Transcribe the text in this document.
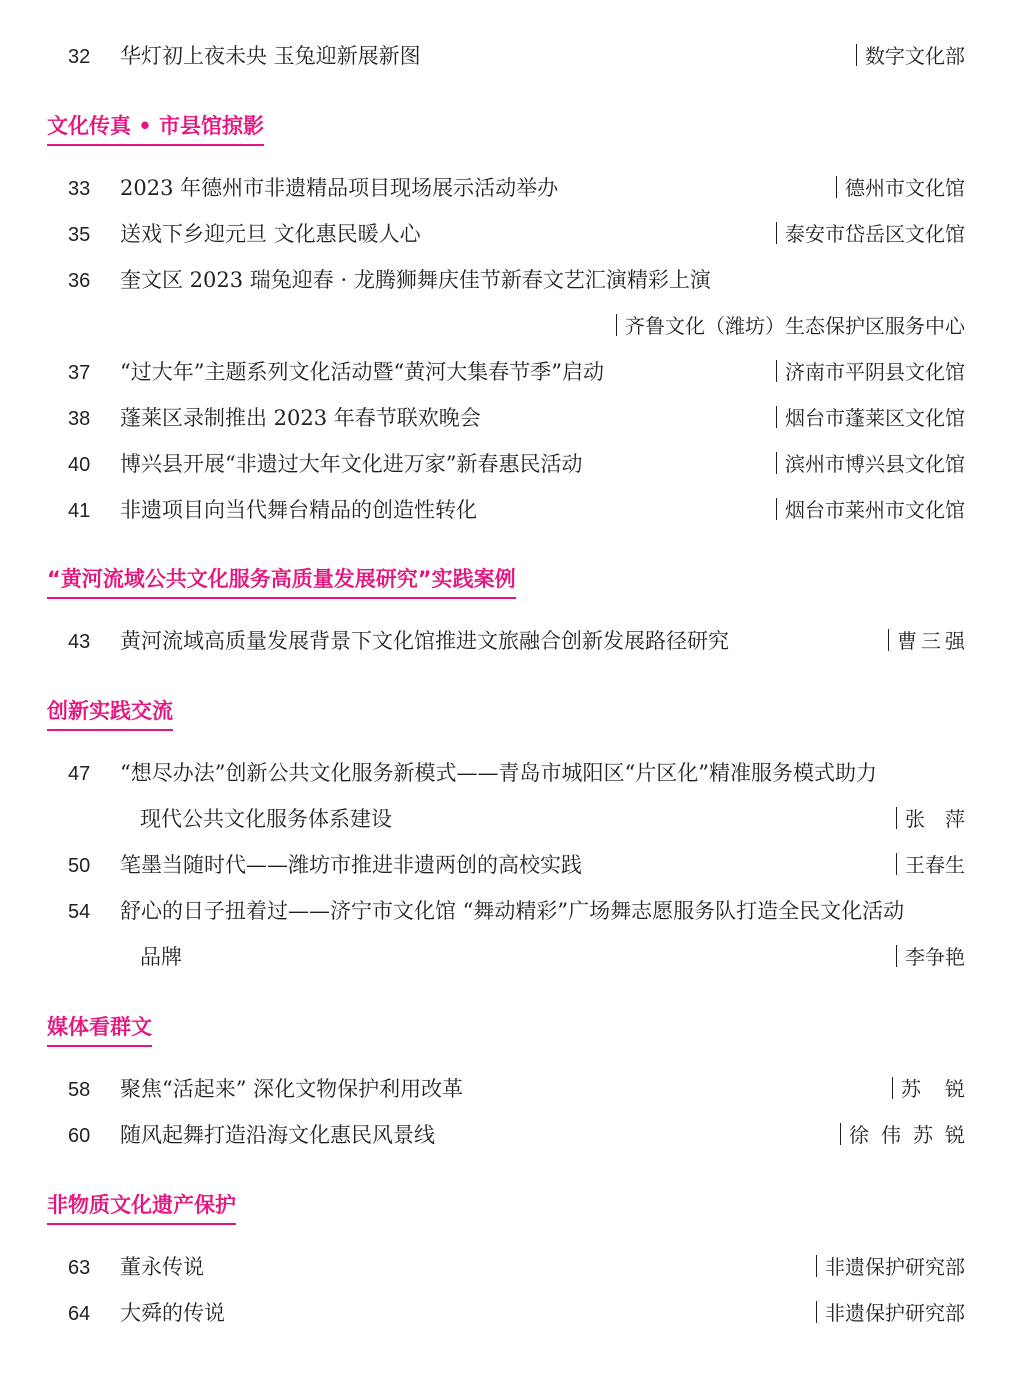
32 华灯初上夜未央 玉兔迎新展新图	数字文化部
文化传真 • 市县馆掠影
33 2023 年德州市非遗精品项目现场展示活动举办	德州市文化馆
35 送戏下乡迎元旦 文化惠民暖人心	泰安市岱岳区文化馆
36 奎文区 2023 瑞兔迎春 · 龙腾狮舞庆佳节新春文艺汇演精彩上演
齐鲁文化（潍坊）生态保护区服务中心
37 “过大年”主题系列文化活动暨“黄河大集春节季”启动	济南市平阴县文化馆
38 蓬莱区录制推出 2023 年春节联欢晚会	烟台市蓬莱区文化馆
40 博兴县开展“非遗过大年文化进万家”新春惠民活动	滨州市博兴县文化馆
41 非遗项目向当代舞台精品的创造性转化	烟台市莱州市文化馆
“黄河流域公共文化服务高质量发展研究”实践案例
43 黄河流域高质量发展背景下文化馆推进文旅融合创新发展路径研究	曹三强
创新实践交流
47 “想尽办法”创新公共文化服务新模式——青岛市城阳区“片区化”精准服务模式助力
现代公共文化服务体系建设	张萍
50 笔墨当随时代——潍坊市推进非遗两创的高校实践	王春生
54 舒心的日子扭着过——济宁市文化馆 “舞动精彩”广场舞志愿服务队打造全民文化活动
品牌	李争艳
媒体看群文
58 聚焦“活起来” 深化文物保护利用改革	苏锐
60 随风起舞打造沿海文化惠民风景线	徐伟苏锐
非物质文化遗产保护
63 董永传说	非遗保护研究部
64 大舜的传说	非遗保护研究部
